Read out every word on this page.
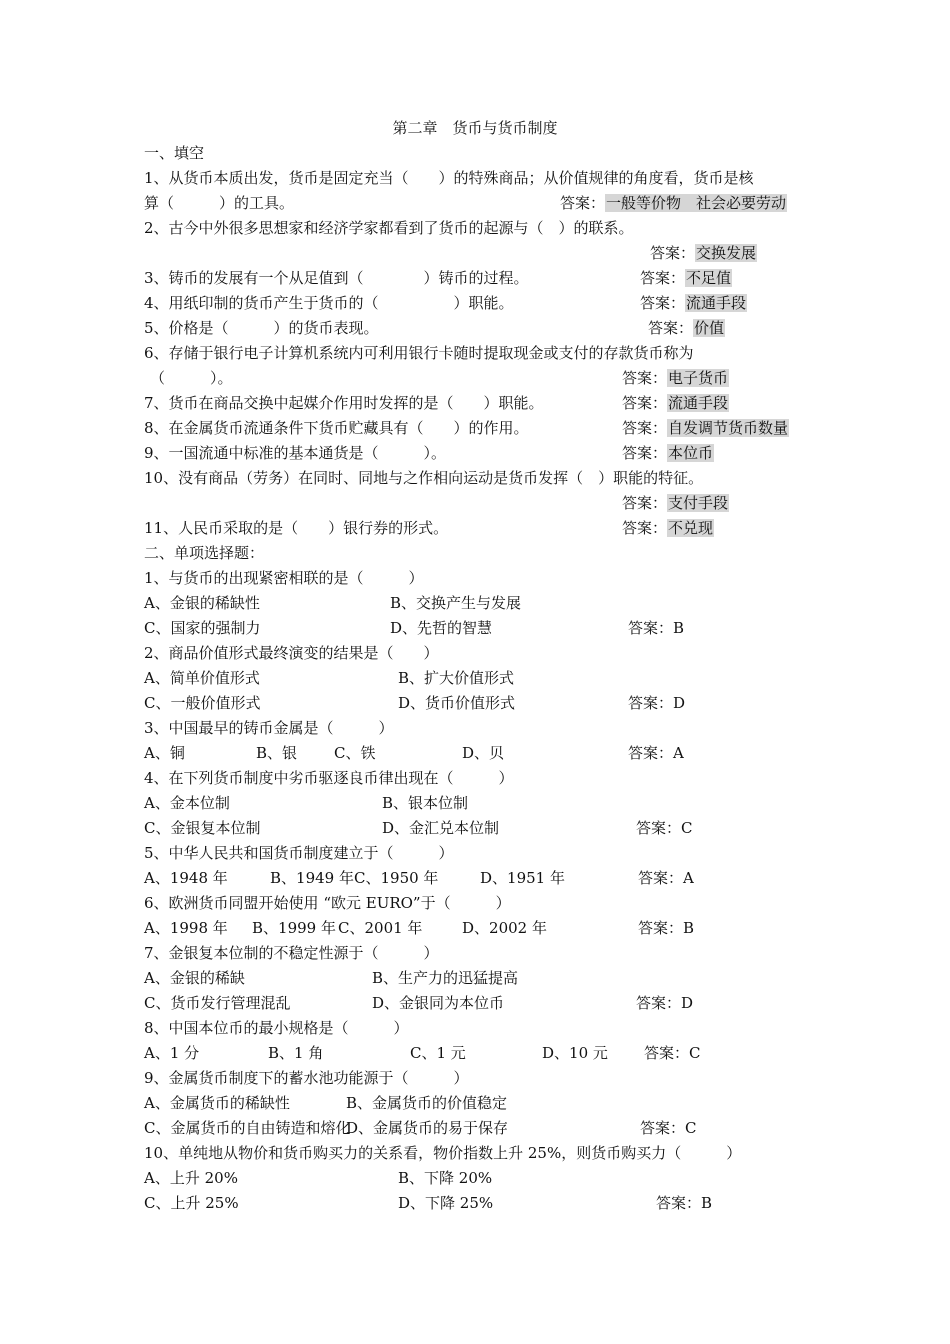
第二章　货币与货币制度
一、填空
1、从货币本质出发，货币是固定充当（　　）的特殊商品；从价值规律的角度看，货币是核
算（　　　）的工具。	答案：一般等价物　社会必要劳动
2、古今中外很多思想家和经济学家都看到了货币的起源与（　）的联系。
答案：交换发展
3、铸币的发展有一个从足值到（　　　　）铸币的过程。	答案：不足值
4、用纸印制的货币产生于货币的（　　　　　）职能。	答案：流通手段
5、价格是（　　　）的货币表现。	答案：价值
6、存储于银行电子计算机系统内可利用银行卡随时提取现金或支付的存款货币称为
（　　　）。	答案：电子货币
7、货币在商品交换中起媒介作用时发挥的是（　　）职能。	答案：流通手段
8、在金属货币流通条件下货币贮藏具有（　　）的作用。	答案：自发调节货币数量
9、一国流通中标准的基本通货是（　　　）。	答案：本位币
10、没有商品（劳务）在同时、同地与之作相向运动是货币发挥（　）职能的特征。
答案：支付手段
11、人民币采取的是（　　）银行券的形式。	答案：不兑现
二、单项选择题：
1、与货币的出现紧密相联的是（　　　）
A、金银的稀缺性	B、交换产生与发展
C、国家的强制力	D、先哲的智慧	答案：B
2、商品价值形式最终演变的结果是（　　）
A、简单价值形式	B、扩大价值形式
C、一般价值形式	D、货币价值形式	答案：D
3、中国最早的铸币金属是（　　　）
A、铜	B、银 C、铁	D、贝	答案：A
4、在下列货币制度中劣币驱逐良币律出现在（　　　）
A、金本位制	B、银本位制
C、金银复本位制	D、金汇兑本位制	答案：C
5、中华人民共和国货币制度建立于（　　　）
A、1948 年	B、1949 年 C、1950 年	D、1951 年	答案：A
6、欧洲货币同盟开始使用 “欧元 EURO”于（　　　）
A、1998 年 B、1999 年 C、2001 年	D、2002 年	答案：B
7、金银复本位制的不稳定性源于（　　　）
A、金银的稀缺	B、生产力的迅猛提高
C、货币发行管理混乱	D、金银同为本位币	答案：D
8、中国本位币的最小规格是（　　　）
A、1 分	B、1 角	C、1 元	D、10 元 答案：C
9、金属货币制度下的蓄水池功能源于（　　　）
A、金属货币的稀缺性	B、金属货币的价值稳定
C、金属货币的自由铸造和熔化
D、金属货币的易于保存	答案：C
10、单纯地从物价和货币购买力的关系看，物价指数上升 25%，则货币购买力（　　　）
A、上升 20%	B、下降 20%
C、上升 25%	D、下降 25%	答案：B
